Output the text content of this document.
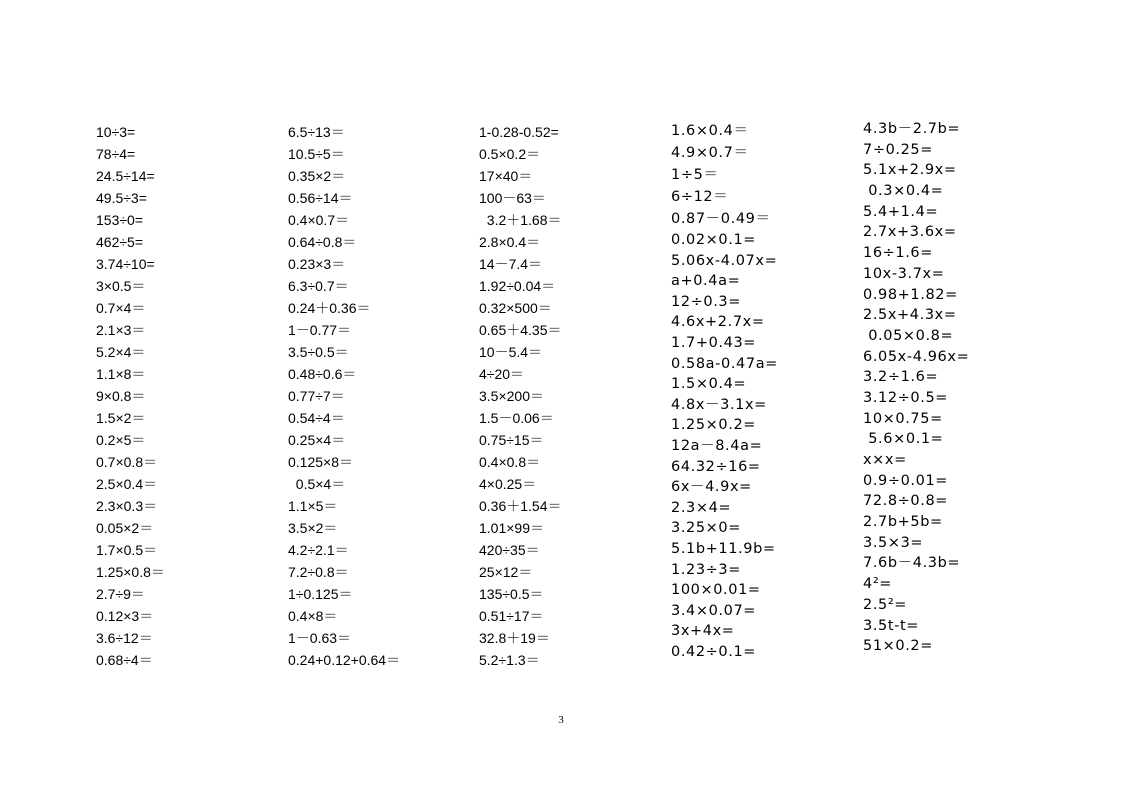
10÷3=
78÷4=
24.5÷14=
49.5÷3=
153÷0=
462÷5=
3.74÷10=
3×0.5＝
0.7×4＝
2.1×3＝
5.2×4＝
1.1×8＝
9×0.8＝
1.5×2＝
0.2×5＝
0.7×0.8＝
2.5×0.4＝
2.3×0.3＝
0.05×2＝
1.7×0.5＝
1.25×0.8＝
2.7÷9＝
0.12×3＝
3.6÷12＝
0.68÷4＝
6.5÷13＝
10.5÷5＝
0.35×2＝
0.56÷14＝
0.4×0.7＝
0.64÷0.8＝
0.23×3＝
6.3÷0.7＝
0.24＋0.36＝
1－0.77＝
3.5÷0.5＝
0.48÷0.6＝
0.77÷7＝
0.54÷4＝
0.25×4＝
0.125×8＝
0.5×4＝
1.1×5＝
3.5×2＝
4.2÷2.1＝
7.2÷0.8＝
1÷0.125＝
0.4×8＝
1－0.63＝
0.24+0.12+0.64＝
1-0.28-0.52=
0.5×0.2＝
17×40＝
100－63＝
3.2＋1.68＝
2.8×0.4＝
14－7.4＝
1.92÷0.04＝
0.32×500＝
0.65＋4.35＝
10－5.4＝
4÷20＝
3.5×200＝
1.5－0.06＝
0.75÷15＝
0.4×0.8＝
4×0.25＝
0.36＋1.54＝
1.01×99＝
420÷35＝
25×12＝
135÷0.5＝
0.51÷17＝
32.8＋19＝
5.2÷1.3＝
1.6×0.4＝
4.9×0.7＝
1÷5＝
6÷12＝
0.87－0.49＝
0.02×0.1=
5.06x-4.07x=
a+0.4a=
12÷0.3=
4.6x+2.7x=
1.7+0.43=
0.58a-0.47a=
1.5×0.4=
4.8x－3.1x=
1.25×0.2=
12a－8.4a=
64.32÷16=
6x－4.9x=
2.3×4=
3.25×0=
5.1b+11.9b=
1.23÷3=
100×0.01=
3.4×0.07=
3x+4x=
0.42÷0.1=
4.3b－2.7b=
7÷0.25=
5.1x+2.9x=
0.3×0.4=
5.4+1.4=
2.7x+3.6x=
16÷1.6=
10x-3.7x=
0.98+1.82=
2.5x+4.3x=
0.05×0.8=
6.05x-4.96x=
3.2÷1.6=
3.12÷0.5=
10×0.75=
5.6×0.1=
x×x=
0.9÷0.01=
72.8÷0.8=
2.7b+5b=
3.5×3=
7.6b－4.3b=
4²=
2.5²=
3.5t-t=
51×0.2=
3
